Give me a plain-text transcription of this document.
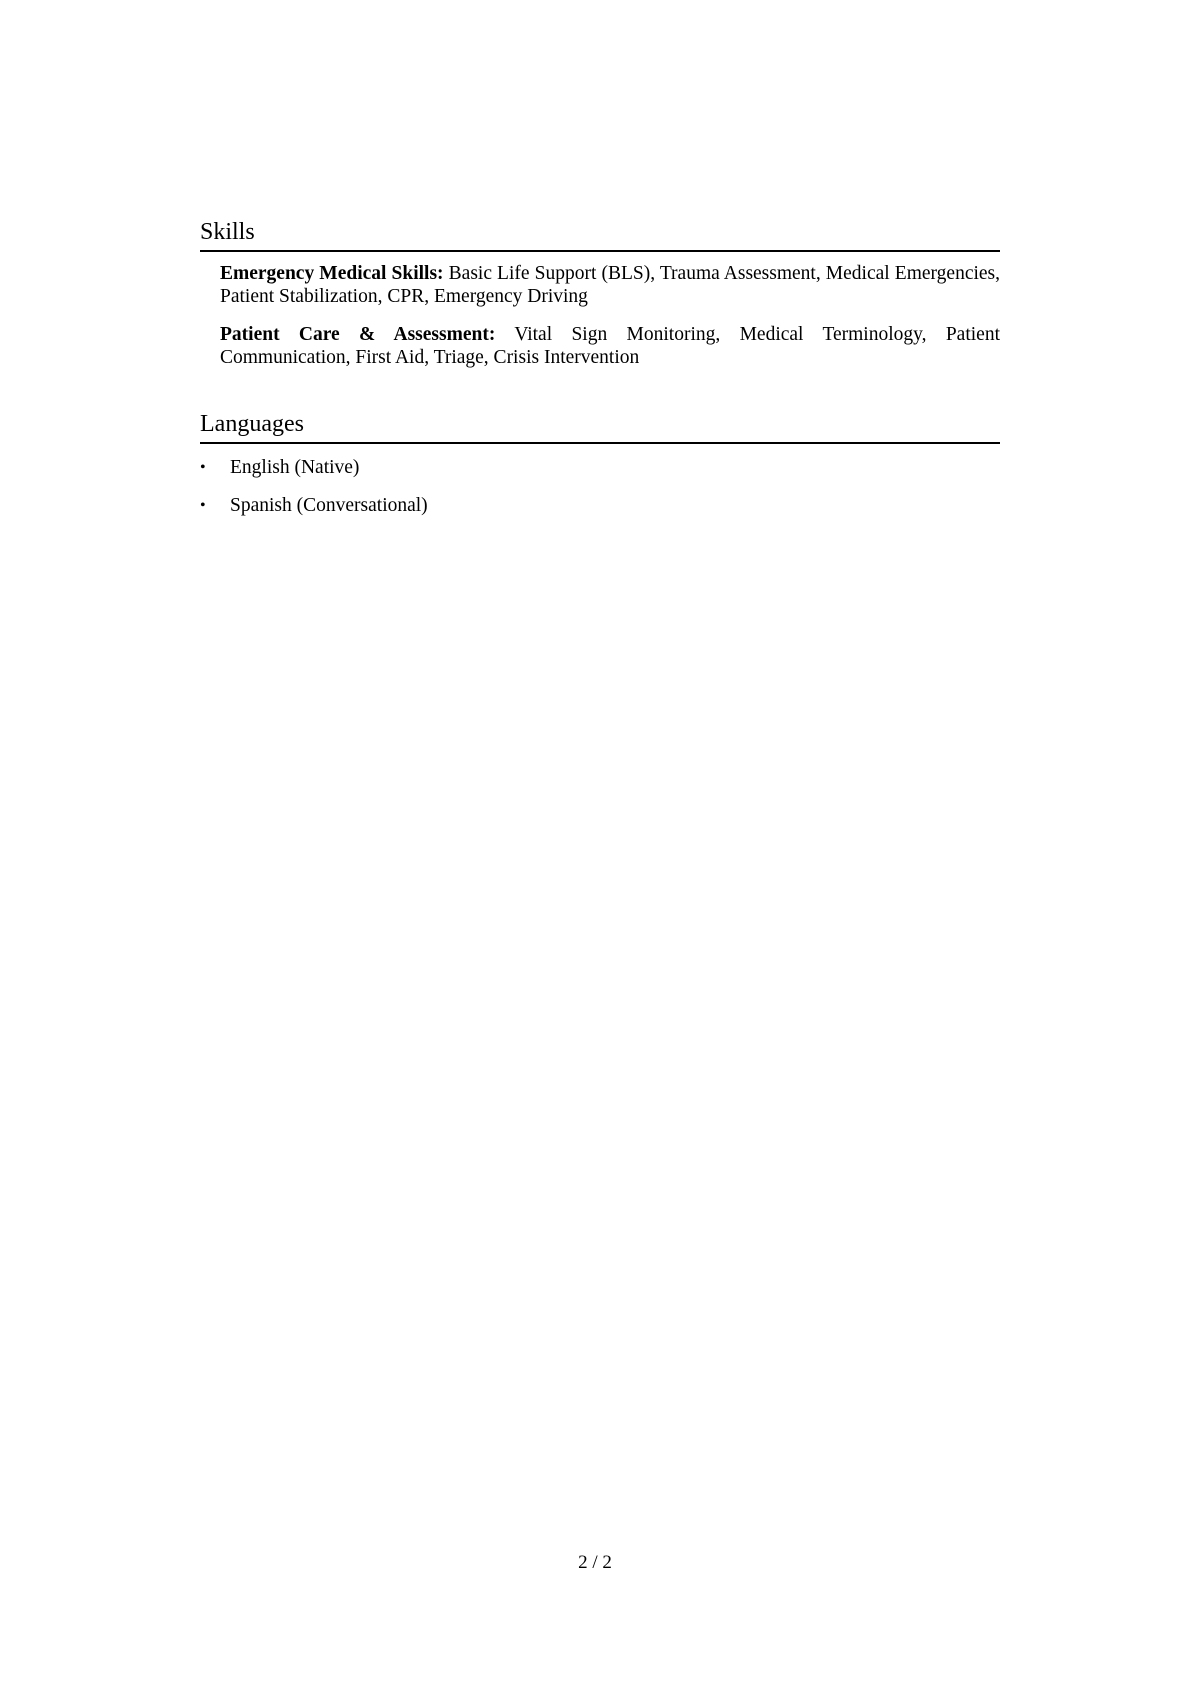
Skills
Emergency Medical Skills: Basic Life Support (BLS), Trauma Assessment, Medical Emergencies, Patient Stabilization, CPR, Emergency Driving
Patient Care & Assessment: Vital Sign Monitoring, Medical Terminology, Patient Communication, First Aid, Triage, Crisis Intervention
Languages
• English (Native)
• Spanish (Conversational)
2 / 2
